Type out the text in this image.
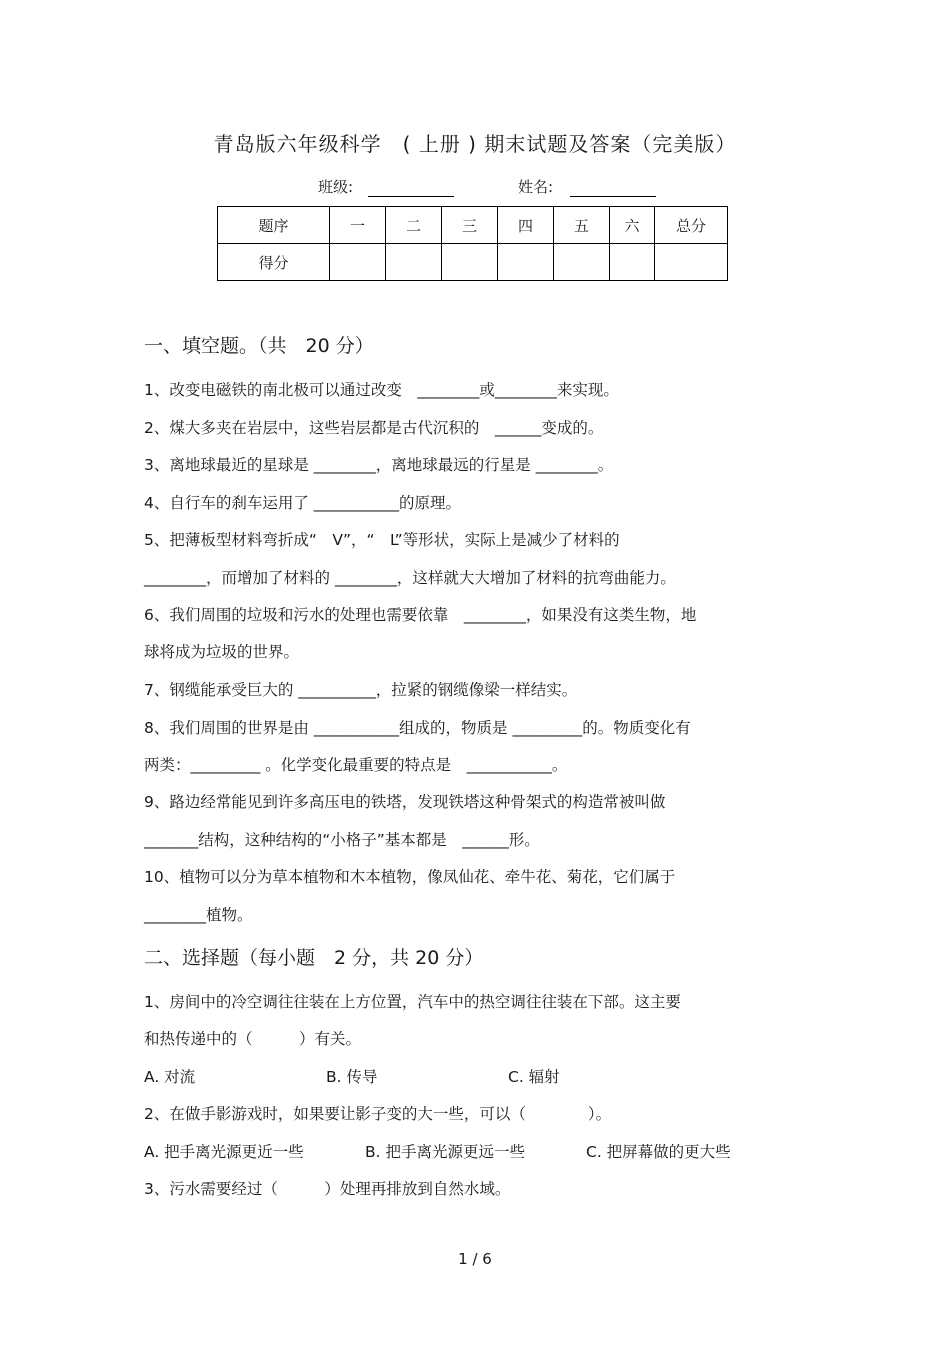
青岛版六年级科学　( 上册 ) 期末试题及答案（完美版）
班级:	姓名:
题序	一	二	三	四	五	六	总分
得分							
一、填空题。（共　20 分）
1、改变电磁铁的南北极可以通过改变　________或________来实现。
2、煤大多夹在岩层中，这些岩层都是古代沉积的　______变成的。
3、离地球最近的星球是 ________，离地球最远的行星是 ________。
4、自行车的刹车运用了 ___________的原理。
5、把薄板型材料弯折成“　V”，“　L”等形状，实际上是减少了材料的
________，而增加了材料的 ________，这样就大大增加了材料的抗弯曲能力。
6、我们周围的垃圾和污水的处理也需要依靠　________，如果没有这类生物，地
球将成为垃圾的世界。
7、钢缆能承受巨大的 __________，拉紧的钢缆像梁一样结实。
8、我们周围的世界是由 ___________组成的，物质是 _________的。物质变化有
两类：_________ 。化学变化最重要的特点是　___________。
9、路边经常能见到许多高压电的铁塔，发现铁塔这种骨架式的构造常被叫做
_______结构，这种结构的“小格子”基本都是　______形。
10、植物可以分为草本植物和木本植物，像凤仙花、牵牛花、菊花，它们属于
________植物。
二、选择题（每小题　2 分，共 20 分）
1、房间中的冷空调往往装在上方位置，汽车中的热空调往往装在下部。这主要
和热传递中的（　　　）有关。
A. 对流	B. 传导	C. 辐射
2、在做手影游戏时，如果要让影子变的大一些，可以（　　　　）。
A. 把手离光源更近一些	B. 把手离光源更远一些	C. 把屏幕做的更大些
3、污水需要经过（　　　）处理再排放到自然水域。
1 / 6
